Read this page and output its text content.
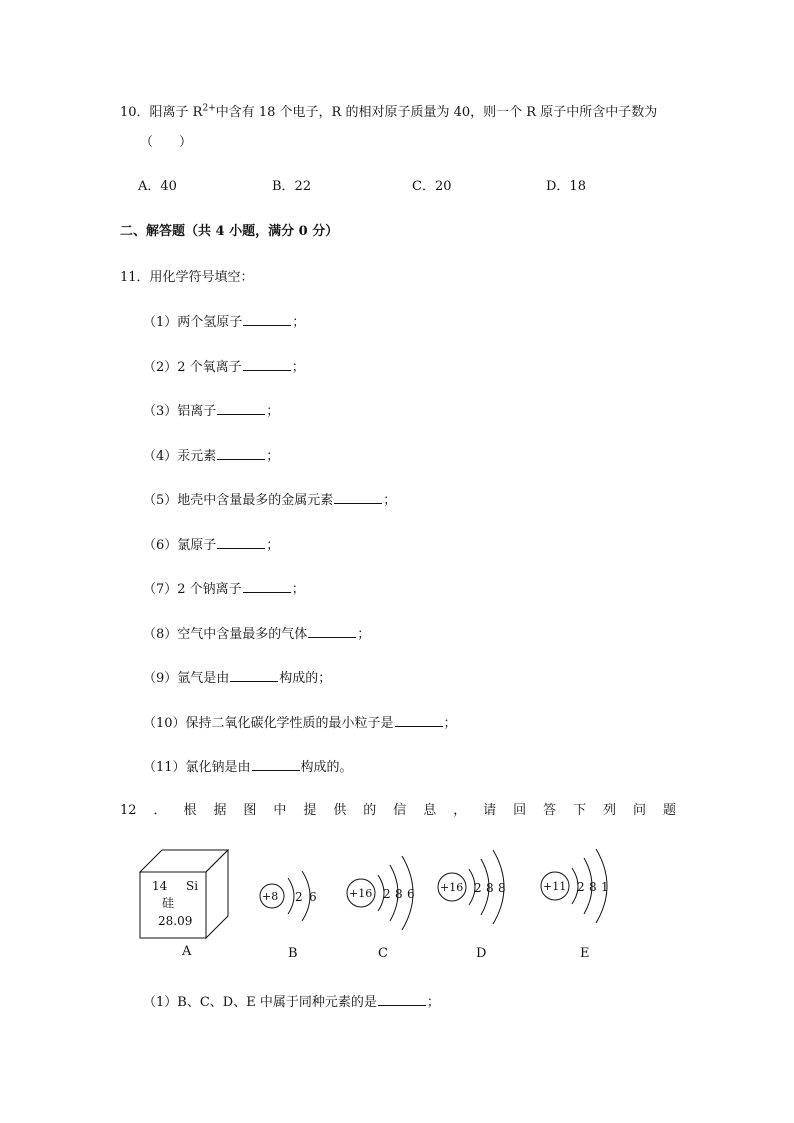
10．阳离子 $R^{2+}$中含有 18 个电子，R 的相对原子质量为 40，则一个 R 原子中所含中子数为
（　　）
A．40	B．22	C．20	D．18
二、解答题（共 4 小题，满分 0 分）
11．用化学符号填空：
（1）两个氢原子	；
（2）2 个氧离子	；
（3）铝离子	；
（4）汞元素	；
（5）地壳中含量最多的金属元素	；
（6）氯原子	；
（7）2 个钠离子	；
（8）空气中含量最多的气体	；
（9）氩气是由	构成的；
（10）保持二氧化碳化学性质的最小粒子是	；
（11）氯化钠是由	构成的。
12 ． 根 据 图 中 提 供 的 信 息 ， 请 回 答 下 列 问 题
14 Si
硅
28.09
+8 2 6	+16 2 8 6 +16 2 8 8	+11 2 8 1
A	B	C	D	E
（1）B、C、D、E 中属于同种元素的是	；
